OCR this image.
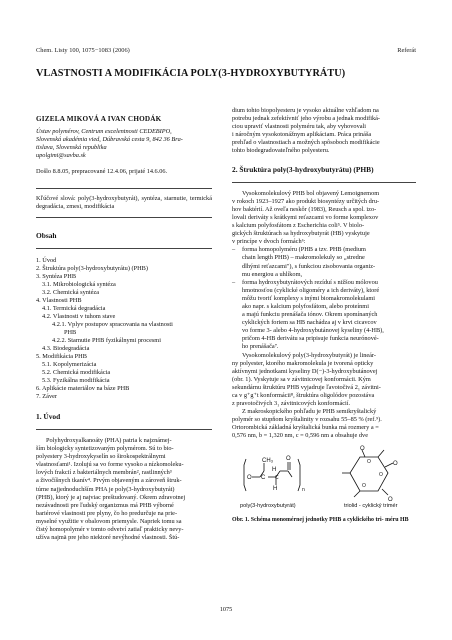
Chem. Listy 100, 1075−1083 (2006)	Referát
VLASTNOSTI A MODIFIKÁCIA POLY(3-HYDROXYBUTYRÁTU)
GIZELA MIKOVÁ A IVAN CHODÁK
Ústav polymérov, Centrum excelentnosti CEDEBIPO,
Slovenská akadémia vied, Dúbravská cesta 9, 842 36 Bra-
tislava, Slovenská republika
upolgimi@savba.sk
Došlo 8.8.05, prepracované 12.4.06, prijaté 14.6.06.
Kľúčové slová: poly(3-hydroxybutyrát), syntéza, starnutie, termická degradácia, zmesi, modifikácia
Obsah
1. Úvod
2. Štruktúra poly(3-hydroxybutyrátu) (PHB)
3. Syntéza PHB
3.1. Mikrobiologická syntéza
3.2. Chemická syntéza
4. Vlastnosti PHB
4.1. Termická degradácia
4.2. Vlastnosti v tuhom stave
4.2.1. Vplyv postupov spracovania na vlastnosti
PHB
4.2.2. Starnutie PHB fyzikálnymi procesmi
4.3. Biodegradácia
5. Modifikácia PHB
5.1. Kopolymerizácia
5.2. Chemická modifikácia
5.3. Fyzikálna modifikácia
6. Aplikácie materiálov na báze PHB
7. Záver
1. Úvod

Polyhydroxyalkanoáty (PHA) patria k najznámej-

ším biologicky syntetizovaným polymérom. Sú to bio-

polyestery 3-hydroxykyselín so širokospektrálnymi

vlastnosťami¹. Izolujú sa vo forme vysoko a nízkomoleku-

lových frakcií z bakteriálnych membrán², rastlinných³

a živočíšnych tkanív⁴. Prvým objaveným a zároveň štruk-

túrne najjednoduchším PHA je poly(3-hydroxybutyrát)

(PHB), ktorý je aj najviac preštudovaný. Okrem zdravotnej

nezávadnosti pre ľudský organizmus má PHB výborné

bariérové vlastnosti pre plyny, čo ho predurčuje na prie-

myselné využitie v obalovom priemysle. Napriek tomu sa

čistý homopolymér v tomto odvetví zatiaľ prakticky nevy-

užíva najmä pre jeho niektoré nevýhodné vlastnosti. Štú-

dium tohto biopolyesteru je vysoko aktuálne vzhľadom na

potrebu jednak zefektívniť jeho výrobu a jednak modifiká-

ciou upraviť vlastnosti polyméru tak, aby vyhovovali

i náročným vysokotonážnym aplikáciam. Práca prináša

prehľad o vlastnostiach a možných spôsoboch modifikácie

tohto biodegradovateľného polyesteru.

2. Štruktúra poly(3-hydroxybutyrátu) (PHB)

Vysokomolekulový PHB bol objavený Lemoignemom

v rokoch 1923–1927 ako produkt biosyntézy určitých dru-

hov baktérií. Až oveľa neskôr (1983), Reusch a spol. izo-

lovali deriváty s krátkymi reťazcami vo forme komplexov

s kalcium polyfosfátom z Escherichia coli⁵. V biolo-

gických štruktúrach sa hydroxybutyrát (HB) vyskytuje

v princípe v dvoch formách⁶:

–	forma homopolyméru (PHB a tzv. PHB (medium

chain length PHB) – makromolekuly so „stredne

dlhými reťazcami"), s funkciou zisobovania organiz-

mu energiou a uhlíkom,

–	forma hydroxybutyrátových rezíduí s nižšou mólovou

hmotnosťou (cyklické oligoméry a ich deriváty), ktoré

môžu tvoriť komplexy s inými biomakromolekulami

ako napr. s kalcium polyfosfátom, alebo proteínmi

a majú funkciu prenášača iónov. Okrem spomínaných

cyklických foriem sa HB nachádza aj v krvi cicavcov

vo forme 3- alebo 4-hydroxybutánovej kyseliny (4-HB),

pričom 4-HB derivátu sa pripisuje funkcia neurónové-

ho prenášača⁷.

Vysokomolekulový poly(3-hydroxybutyrát) je lineár-

ny polyester, ktorého makromolekula je tvorená opticky

aktívnymi jednotkami kyseliny D(−)-3-hydroxybutánovej

(obr. 1). Vyskytuje sa v závitnicovej konformácii. Kým

sekundárnu štruktúru PHB vyjadruje ľavotočivá 2₁ závitni-

ca v g⁺g⁺t konformácii⁸, štruktúra oligolódov pozostáva

z pravotočivých 3₁ závitnicových konformácií.

Z makroskopického pohľadu je PHB semikryštalický

polymér so stupňom kryštalinity v rozsahu 55–85 % (ref.⁹).

Ortorombická základná kryštalická bunka má rozmery a =

0,576 nm, b = 1,320 nm, c = 0,596 nm a obsahuje dve

O
CH₃
C
H
H
C
O
n
O
O
O
O
O
O
poly(3-hydroxybutyrát)	triolid - cyklický trimér
Obr. 1. Schéma monomérnej jednotky PHB a cyklického tri- méru HB
1075
